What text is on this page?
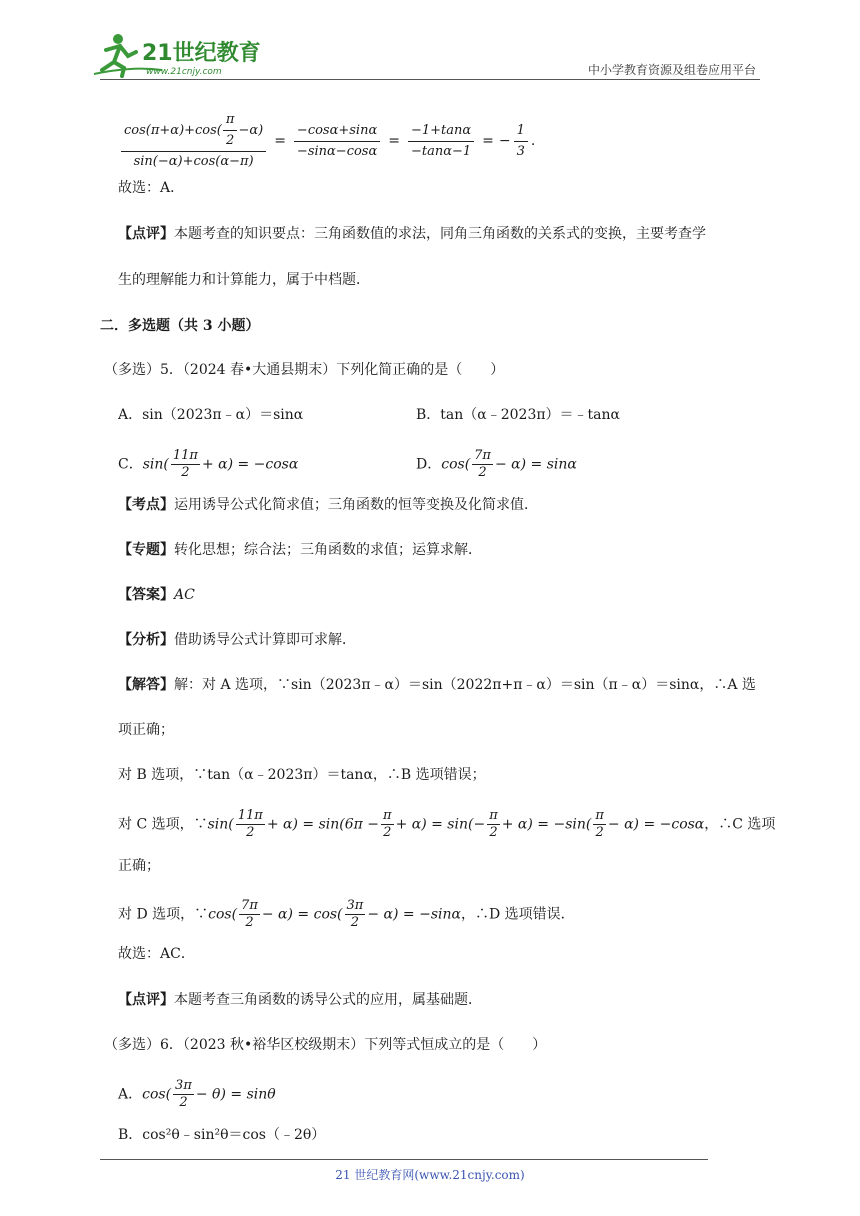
21世纪教育
www.21cnjy.com	中小学教育资源及组卷应用平台
$\frac{\cos(\pi+\alpha)+\cos( \frac{\pi}{2} -\alpha)}{\sin(-\alpha)+\cos(\alpha-\pi)} = \frac{-\cos\alpha+\sin\alpha}{-\sin\alpha-\cos\alpha} = \frac{-1+\tan\alpha}{-\tan\alpha-1}$ = − $\frac{1}{3}$ .
故选：A．
【点评】本题考查的知识要点：三角函数值的求法，同角三角函数的关系式的变换，主要考查学
生的理解能力和计算能力，属于中档题．
二．多选题（共 3 小题）
（多选）5．（2024 春•大通县期末）下列化简正确的是（　　）
A．sin（2023π﹣α）＝sinα	B．tan（α﹣2023π）＝﹣tanα
C．$\sin( \frac{11\pi}{2} + \alpha) = -\cos\alpha$	D．$\cos( \frac{7\pi}{2} - \alpha) = \sin\alpha$
【考点】运用诱导公式化简求值；三角函数的恒等变换及化简求值．
【专题】转化思想；综合法；三角函数的求值；运算求解．
【答案】AC
【分析】借助诱导公式计算即可求解．
【解答】解：对 A 选项，∵sin（2023π﹣α）＝sin（2022π+π﹣α）＝sin（π﹣α）＝sinα，∴A 选
项正确；
对 B 选项，∵tan（α﹣2023π）＝tanα，∴B 选项错误；
对 C 选项，∵sin( $\frac{11\pi}{2} + \alpha) = \sin(6\pi - \frac{\pi}{2} + \alpha) = \sin(- \frac{\pi}{2} + \alpha) = -\sin( \frac{\pi}{2} - \alpha) = -\cos\alpha$，∴C 选项
正确；
对 D 选项，∵cos( $\frac{7\pi}{2} - \alpha) = \cos( \frac{3\pi}{2} - \alpha) = -\sin\alpha$，∴D 选项错误．
故选：AC．
【点评】本题考查三角函数的诱导公式的应用，属基础题．
（多选）6．（2023 秋•裕华区校级期末）下列等式恒成立的是（　　）
A．$\cos( \frac{3\pi}{2} - \theta) = \sin\theta$
B．cos²θ﹣sin²θ＝cos（﹣2θ）
21 世纪教育网(www.21cnjy.com)
